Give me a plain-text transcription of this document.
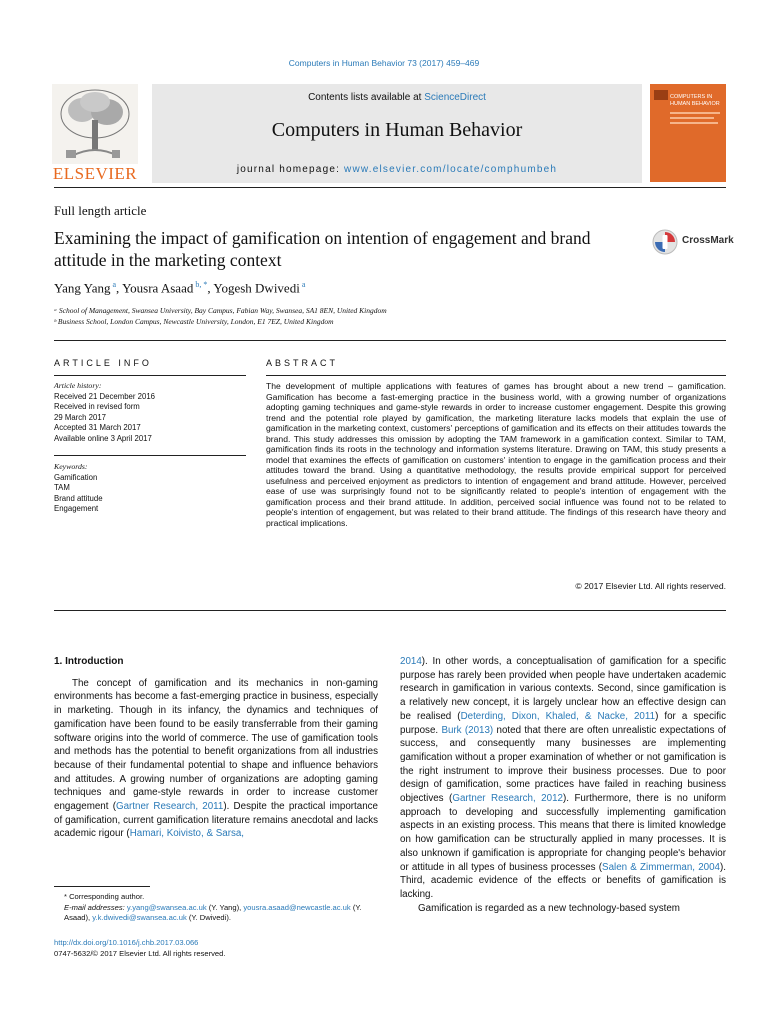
Computers in Human Behavior 73 (2017) 459–469
ELSEVIER
Contents lists available at ScienceDirect
Computers in Human Behavior
journal homepage: www.elsevier.com/locate/comphumbeh
COMPUTERS IN HUMAN BEHAVIOR
Full length article
Examining the impact of gamification on intention of engagement and brand attitude in the marketing context
CrossMark
Yang Yang $^a$, Yousra Asaad $^{b, *}$, Yogesh Dwivedi $^a$
ᵃ School of Management, Swansea University, Bay Campus, Fabian Way, Swansea, SA1 8EN, United Kingdom
ᵇ Business School, London Campus, Newcastle University, London, E1 7EZ, United Kingdom
ARTICLE INFO
Article history:
Received 21 December 2016
Received in revised form
29 March 2017
Accepted 31 March 2017
Available online 3 April 2017
Keywords:
Gamification
TAM
Brand attitude
Engagement
ABSTRACT
The development of multiple applications with features of games has brought about a new trend – gamification. Gamification has become a fast-emerging practice in the business world, with a growing number of organizations adopting gaming techniques and game-style rewards in order to increase customer engagement. Despite this growing trend and the potential role played by gamification, the marketing literature lacks models that explain the use of gamification in the marketing context, customers' perceptions of gamification and its effects on their attitudes towards the brand. This study addresses this omission by adopting the TAM framework in a gamification context. Similar to TAM, gamification finds its roots in the technology and information systems literature. Drawing on TAM, this study presents a model that examines the effects of gamification on customers' intention to engage in the gamification process and their attitudes toward the brand. Using a quantitative methodology, the results provide empirical support for perceived usefulness and perceived enjoyment as predictors to intention of engagement and brand attitude. However, perceived ease of use was surprisingly found not to be significantly related to people's intention of engagement with the gamification process and their brand attitude. In addition, perceived social influence was found not to be related to people's intention of engagement, but was related to their brand attitude. The findings of this research have theory and practical implications.
© 2017 Elsevier Ltd. All rights reserved.

1. Introduction

The concept of gamification and its mechanics in non-gaming environments has become a fast-emerging practice in business, especially in marketing. Though in its infancy, the dynamics and techniques of gamification have been found to be easily transferrable from their gaming software origins into the world of commerce. The use of gamification tools and methods has the potential to benefit organizations from all industries because of their fundamental potential to shape and influence behaviors and attitudes. A growing number of organizations are adopting gaming techniques and game-style rewards in order to increase customer engagement (Gartner Research, 2011). Despite the practical importance of gamification, current gamification literature remains anecdotal and lacks academic rigour (Hamari, Koivisto, & Sarsa,

2014). In other words, a conceptualisation of gamification for a specific purpose has rarely been provided when people have undertaken academic research in gamification in various contexts. Second, since gamification is a relatively new concept, it is largely unclear how an effective design can be realised (Deterding, Dixon, Khaled, & Nacke, 2011) for a specific purpose. Burk (2013) noted that there are often unrealistic expectations of success, and consequently many businesses are implementing gamification without a proper examination of whether or not gamification is the right instrument to improve their business processes. Due to poor design of gamification, some practices have failed in reaching business objectives (Gartner Research, 2012). Furthermore, there is no uniform approach to developing and successfully implementing gamification aspects in an existing process. This means that there is limited knowledge on how gamification can be structurally applied in many processes. It is also unknown if gamification is appropriate for changing people's behavior or attitude in all types of business processes (Salen & Zimmerman, 2004). Third, academic evidence of the effects or benefits of gamification is lacking.

Gamification is regarded as a new technology-based system

* Corresponding author.
E-mail addresses: y.yang@swansea.ac.uk (Y. Yang), yousra.asaad@newcastle.ac.uk (Y. Asaad), y.k.dwivedi@swansea.ac.uk (Y. Dwivedi).
http://dx.doi.org/10.1016/j.chb.2017.03.066
0747-5632/© 2017 Elsevier Ltd. All rights reserved.
